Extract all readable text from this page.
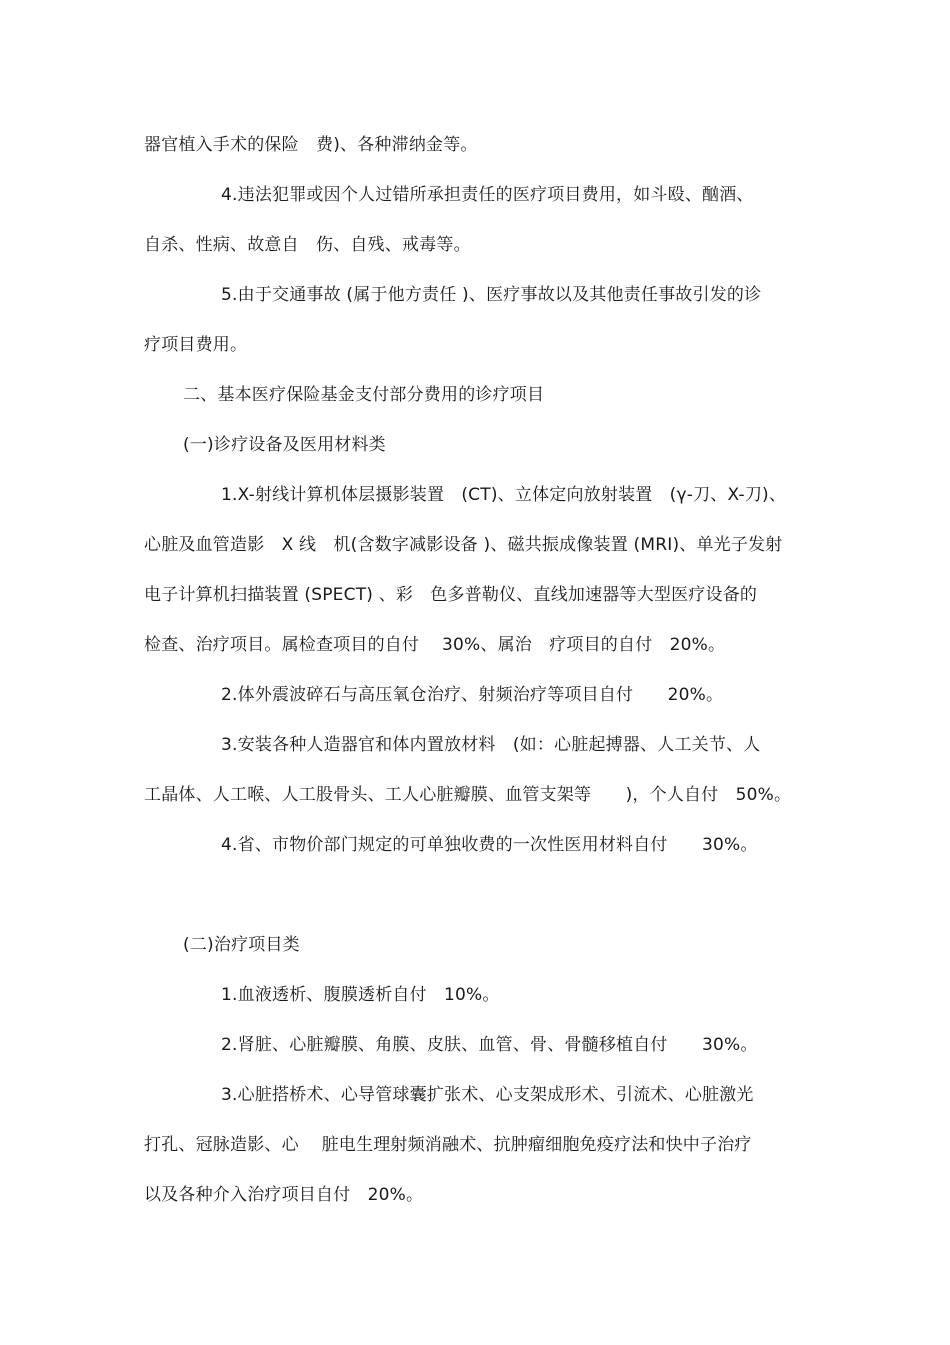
器官植入手术的保险　费)、各种滞纳金等。
4.违法犯罪或因个人过错所承担责任的医疗项目费用，如斗殴、酗酒、
自杀、性病、故意自　伤、自残、戒毒等。
5.由于交通事故 (属于他方责任 )、医疗事故以及其他责任事故引发的诊
疗项目费用。
二、基本医疗保险基金支付部分费用的诊疗项目
(一)诊疗设备及医用材料类
1.X-射线计算机体层摄影装置　(CT)、立体定向放射装置　(γ-刀、X-刀)、
心脏及血管造影　X 线　机(含数字减影设备 )、磁共振成像装置 (MRI)、单光子发射
电子计算机扫描装置 (SPECT) 、彩　色多普勒仪、直线加速器等大型医疗设备的
检查、治疗项目。属检查项目的自付　 30%、属治　疗项目的自付　20%。
2.体外震波碎石与高压氧仓治疗、射频治疗等项目自付　　20%。
3.安装各种人造器官和体内置放材料　(如：心脏起搏器、人工关节、人
工晶体、人工喉、人工股骨头、工人心脏瓣膜、血管支架等　　)，个人自付　50%。
4.省、市物价部门规定的可单独收费的一次性医用材料自付　　30%。
(二)治疗项目类
1.血液透析、腹膜透析自付　10%。
2.肾脏、心脏瓣膜、角膜、皮肤、血管、骨、骨髓移植自付　　30%。
3.心脏搭桥术、心导管球囊扩张术、心支架成形术、引流术、心脏激光
打孔、冠脉造影、心　 脏电生理射频消融术、抗肿瘤细胞免疫疗法和快中子治疗
以及各种介入治疗项目自付　20%。
